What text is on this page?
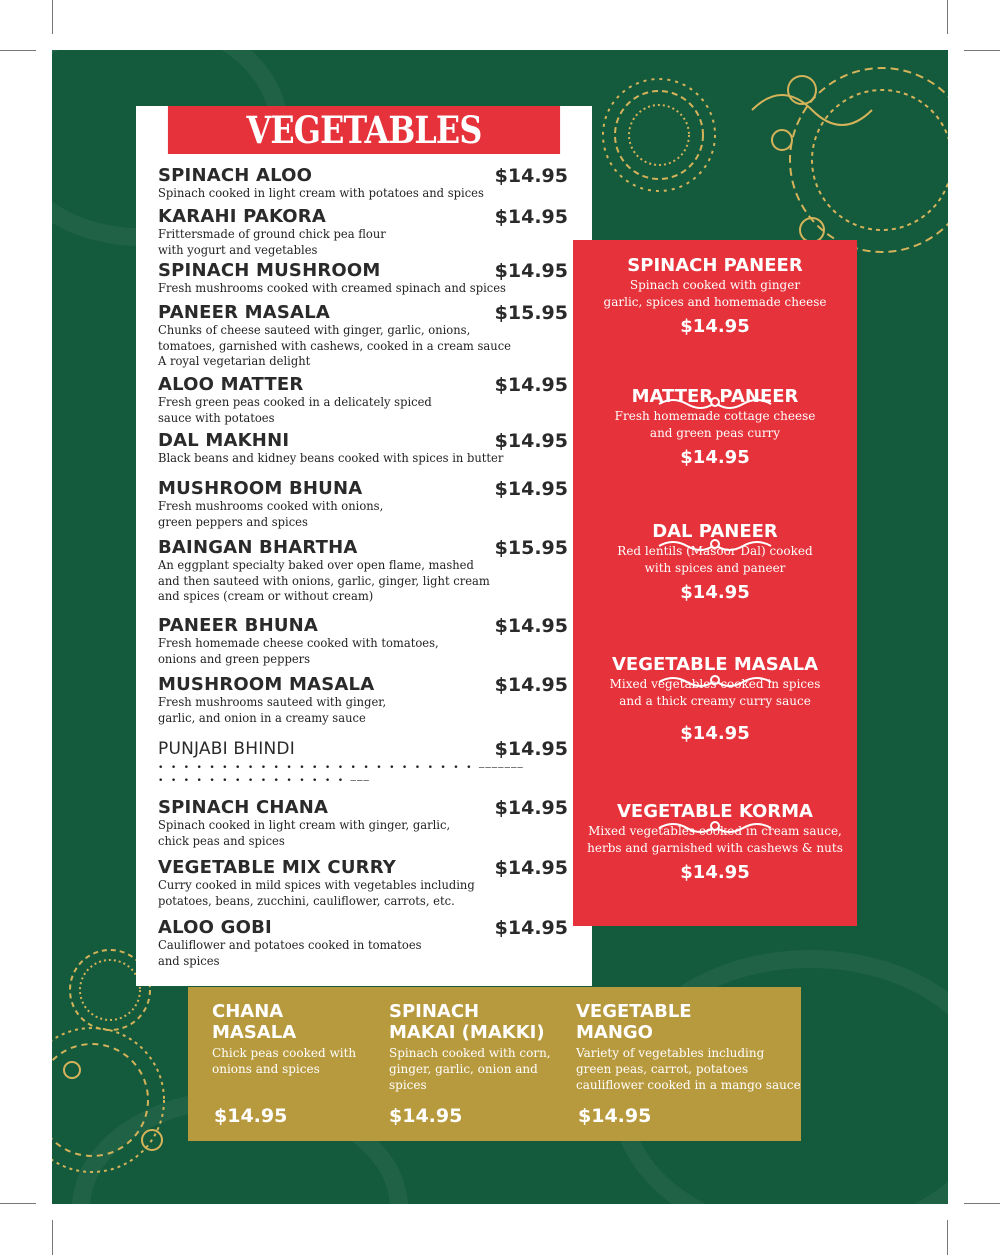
VEGETABLES
SPINACH ALOO	$14.95
Spinach cooked in light cream with potatoes and spices
KARAHI PAKORA	$14.95
Frittersmade of ground chick pea flour
with yogurt and vegetables
SPINACH MUSHROOM	$14.95
Fresh mushrooms cooked with creamed spinach and spices
PANEER MASALA	$15.95
Chunks of cheese sauteed with ginger, garlic, onions,
tomatoes, garnished with cashews, cooked in a cream sauce
A royal vegetarian delight
ALOO MATTER	$14.95
Fresh green peas cooked in a delicately spiced
sauce with potatoes
DAL MAKHNI	$14.95
Black beans and kidney beans cooked with spices in butter
MUSHROOM BHUNA	$14.95
Fresh mushrooms cooked with onions,
green peppers and spices
BAINGAN BHARTHA	$15.95
An eggplant specialty baked over open flame, mashed
and then sauteed with onions, garlic, ginger, light cream
and spices (cream or without cream)
PANEER BHUNA	$14.95
Fresh homemade cheese cooked with tomatoes,
onions and green peppers
MUSHROOM MASALA	$14.95
Fresh mushrooms sauteed with ginger,
garlic, and onion in a creamy sauce
PUNJABI BHINDI	$14.95
• • • • • • • • • • • • • • • • • • • • • • • • • ———————
• • • • • • • • • • • • • • • ———
SPINACH CHANA	$14.95
Spinach cooked in light cream with ginger, garlic,
chick peas and spices
VEGETABLE MIX CURRY	$14.95
Curry cooked in mild spices with vegetables including
potatoes, beans, zucchini, cauliflower, carrots, etc.
ALOO GOBI	$14.95
Cauliflower and potatoes cooked in tomatoes
and spices
SPINACH PANEER
Spinach cooked with ginger
garlic, spices and homemade cheese
$14.95
MATTER PANEER
Fresh homemade cottage cheese
and green peas curry
$14.95
DAL PANEER
Red lentils (Masoor Dal) cooked
with spices and paneer
$14.95
VEGETABLE MASALA
Mixed vegetables cooked in spices
and a thick creamy curry sauce
$14.95
VEGETABLE KORMA
Mixed vegetables cooked in cream sauce,
herbs and garnished with cashews & nuts
$14.95
CHANA
MASALA
Chick peas cooked with
onions and spices
$14.95
SPINACH
MAKAI (MAKKI)
Spinach cooked with corn,
ginger, garlic, onion and
spices
$14.95
VEGETABLE
MANGO
Variety of vegetables including
green peas, carrot, potatoes
cauliflower cooked in a mango sauce
$14.95
